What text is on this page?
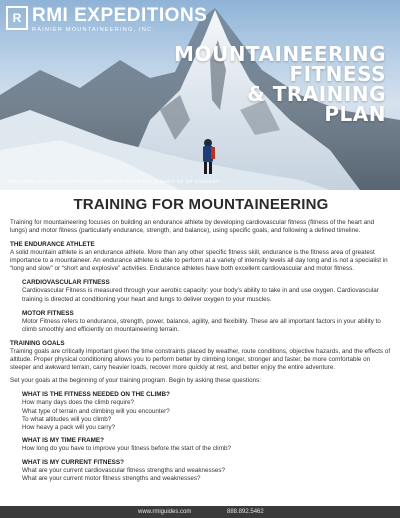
R RMI EXPEDITIONS
RAINIER MOUNTAINEERING, INC.
MOUNTAINEERING
FITNESS
& TRAINING
PLAN
RMI GUIDE GREG VERNOVAGE DESCENDING FROM THE SUMMIT OF MT EVEREST
TRAINING FOR MOUNTAINEERING

Training for mountaineering focuses on building an endurance athlete by developing cardiovascular fitness (fitness of the heart and lungs) and motor fitness (particularly endurance, strength, and balance), using specific goals, and following a defined timeline.

THE ENDURANCE ATHLETE

A solid mountain athlete is an endurance athlete. More than any other specific fitness skill, endurance is the fitness area of greatest importance to a mountaineer. An endurance athlete is able to perform at a variety of intensity levels all day long and is not a specialist in “long and slow” or “short and explosive” activities. Endurance athletes have both excellent cardiovascular and motor fitness.

CARDIOVASCULAR FITNESS

Cardiovascular Fitness is measured through your aerobic capacity: your body’s ability to take in and use oxygen. Cardiovascular training is directed at conditioning your heart and lungs to deliver oxygen to your muscles.

MOTOR FITNESS

Motor Fitness refers to endurance, strength, power, balance, agility, and flexibility. These are all important factors in your ability to climb smoothly and efficiently on mountaineering terrain.

TRAINING GOALS

Training goals are critically important given the time constraints placed by weather, route conditions, objective hazards, and the effects of altitude. Proper physical conditioning allows you to perform better by climbing longer, stronger and faster, be more comfortable on steeper and awkward terrain, carry heavier loads, recover more quickly at rest, and better enjoy the entire adventure.

Set your goals at the beginning of your training program. Begin by asking these questions:

WHAT IS THE FITNESS NEEDED ON THE CLIMB?

How many days does the climb require?

What type of terrain and climbing will you encounter?

To what altitudes will you climb?

How heavy a pack will you carry?

WHAT IS MY TIME FRAME?

How long do you have to improve your fitness before the start of the climb?

WHAT IS MY CURRENT FITNESS?

What are your current cardiovascular fitness strengths and weaknesses?

What are your current motor fitness strengths and weaknesses?

www.rmiguides.com	888.892.5462
